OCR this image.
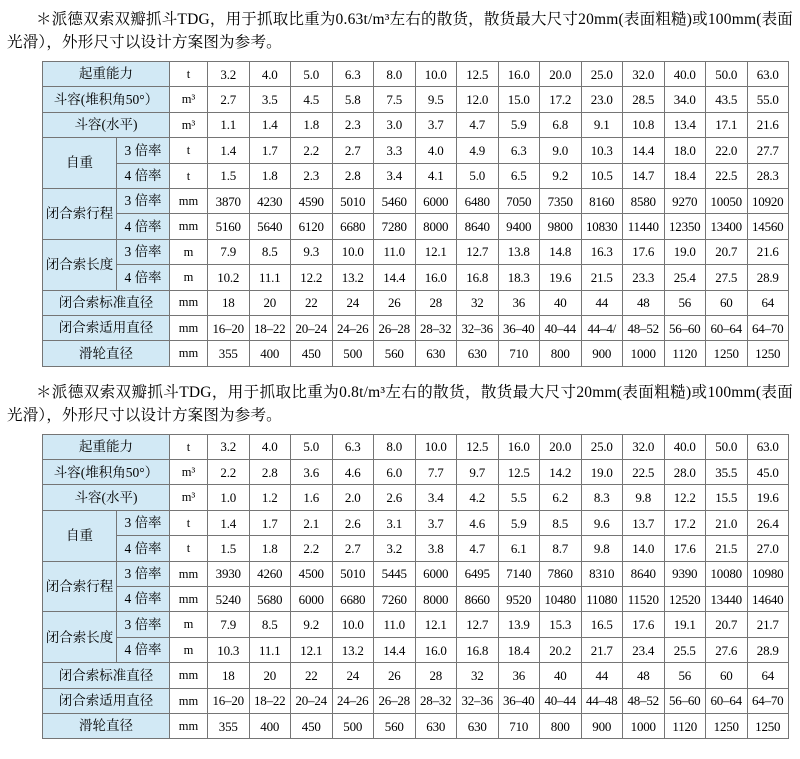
＊派德双索双瓣抓斗TDG，用于抓取比重为0.63t/m³左右的散货，散货最大尺寸20mm(表面粗糙)或100mm(表面光滑），外形尺寸以设计方案图为参考。

起重能力		t	3.2	4.0	5.0	6.3	8.0	10.0	12.5	16.0	20.0	25.0	32.0	40.0	50.0	63.0
斗容(堆积角50°）		m³	2.7	3.5	4.5	5.8	7.5	9.5	12.0	15.0	17.2	23.0	28.5	34.0	43.5	55.0
斗容(水平)		m³	1.1	1.4	1.8	2.3	3.0	3.7	4.7	5.9	6.8	9.1	10.8	13.4	17.1	21.6
自重	3 倍率	t	1.4	1.7	2.2	2.7	3.3	4.0	4.9	6.3	9.0	10.3	14.4	18.0	22.0	27.7
	4 倍率	t	1.5	1.8	2.3	2.8	3.4	4.1	5.0	6.5	9.2	10.5	14.7	18.4	22.5	28.3
闭合索行程	3 倍率	mm	3870	4230	4590	5010	5460	6000	6480	7050	7350	8160	8580	9270	10050	10920
	4 倍率	mm	5160	5640	6120	6680	7280	8000	8640	9400	9800	10830	11440	12350	13400	14560
闭合索长度	3 倍率	m	7.9	8.5	9.3	10.0	11.0	12.1	12.7	13.8	14.8	16.3	17.6	19.0	20.7	21.6
	4 倍率	m	10.2	11.1	12.2	13.2	14.4	16.0	16.8	18.3	19.6	21.5	23.3	25.4	27.5	28.9
闭合索标准直径		mm	18	20	22	24	26	28	32	36	40	44	48	56	60	64
闭合索适用直径		mm	16–20	18–22	20–24	24–26	26–28	28–32	32–36	36–40	40–44	44–4/	48–52	56–60	60–64	64–70
滑轮直径		mm	355	400	450	500	560	630	630	710	800	900	1000	1120	1250	1250

＊派德双索双瓣抓斗TDG，用于抓取比重为0.8t/m³左右的散货，散货最大尺寸20mm(表面粗糙)或100mm(表面光滑），外形尺寸以设计方案图为参考。

起重能力		t	3.2	4.0	5.0	6.3	8.0	10.0	12.5	16.0	20.0	25.0	32.0	40.0	50.0	63.0
斗容(堆积角50°）		m³	2.2	2.8	3.6	4.6	6.0	7.7	9.7	12.5	14.2	19.0	22.5	28.0	35.5	45.0
斗容(水平)		m³	1.0	1.2	1.6	2.0	2.6	3.4	4.2	5.5	6.2	8.3	9.8	12.2	15.5	19.6
自重	3 倍率	t	1.4	1.7	2.1	2.6	3.1	3.7	4.6	5.9	8.5	9.6	13.7	17.2	21.0	26.4
	4 倍率	t	1.5	1.8	2.2	2.7	3.2	3.8	4.7	6.1	8.7	9.8	14.0	17.6	21.5	27.0
闭合索行程	3 倍率	mm	3930	4260	4500	5010	5445	6000	6495	7140	7860	8310	8640	9390	10080	10980
	4 倍率	mm	5240	5680	6000	6680	7260	8000	8660	9520	10480	11080	11520	12520	13440	14640
闭合索长度	3 倍率	m	7.9	8.5	9.2	10.0	11.0	12.1	12.7	13.9	15.3	16.5	17.6	19.1	20.7	21.7
	4 倍率	m	10.3	11.1	12.1	13.2	14.4	16.0	16.8	18.4	20.2	21.7	23.4	25.5	27.6	28.9
闭合索标准直径		mm	18	20	22	24	26	28	32	36	40	44	48	56	60	64
闭合索适用直径		mm	16–20	18–22	20–24	24–26	26–28	28–32	32–36	36–40	40–44	44–48	48–52	56–60	60–64	64–70
滑轮直径		mm	355	400	450	500	560	630	630	710	800	900	1000	1120	1250	1250
